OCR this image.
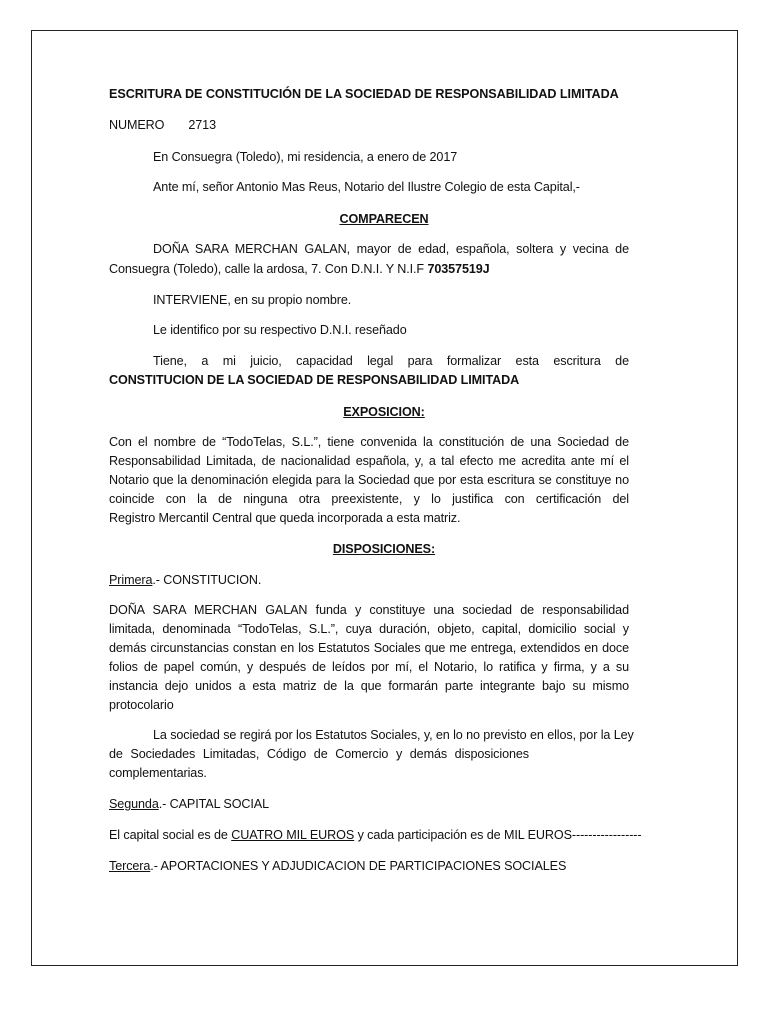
ESCRITURA DE CONSTITUCIÓN DE LA SOCIEDAD DE RESPONSABILIDAD LIMITADA
NUMERO 2713
En Consuegra (Toledo), mi residencia, a enero de 2017
Ante mí, señor Antonio Mas Reus, Notario del Ilustre Colegio de esta Capital,-
COMPARECEN
DOÑA SARA MERCHAN GALAN, mayor de edad, española, soltera y vecina de
Consuegra (Toledo), calle la ardosa, 7. Con D.N.I. Y N.I.F 70357519J
INTERVIENE, en su propio nombre.
Le identifico por su respectivo D.N.I. reseñado
Tiene, a mi juicio, capacidad legal para formalizar esta escritura de
CONSTITUCION DE LA SOCIEDAD DE RESPONSABILIDAD LIMITADA
EXPOSICION:
Con el nombre de “TodoTelas, S.L.”, tiene convenida la constitución de una Sociedad de
Responsabilidad Limitada, de nacionalidad española, y, a tal efecto me acredita ante mí el
Notario que la denominación elegida para la Sociedad que por esta escritura se constituye no
coincide con la de ninguna otra preexistente, y lo justifica con certificación del
Registro Mercantil Central que queda incorporada a esta matriz.
DISPOSICIONES:
Primera.- CONSTITUCION.
DOÑA SARA MERCHAN GALAN funda y constituye una sociedad de responsabilidad
limitada, denominada “TodoTelas, S.L.”, cuya duración, objeto, capital, domicilio social y
demás circunstancias constan en los Estatutos Sociales que me entrega, extendidos en doce
folios de papel común, y después de leídos por mí, el Notario, lo ratifica y firma, y a su
instancia dejo unidos a esta matriz de la que formarán parte integrante bajo su mismo
protocolario
La sociedad se regirá por los Estatutos Sociales, y, en lo no previsto en ellos, por la Ley
de Sociedades Limitadas, Código de Comercio y demás disposiciones
complementarias.
Segunda.- CAPITAL SOCIAL
El capital social es de CUATRO MIL EUROS y cada participación es de MIL EUROS-----------------
Tercera.- APORTACIONES Y ADJUDICACION DE PARTICIPACIONES SOCIALES
